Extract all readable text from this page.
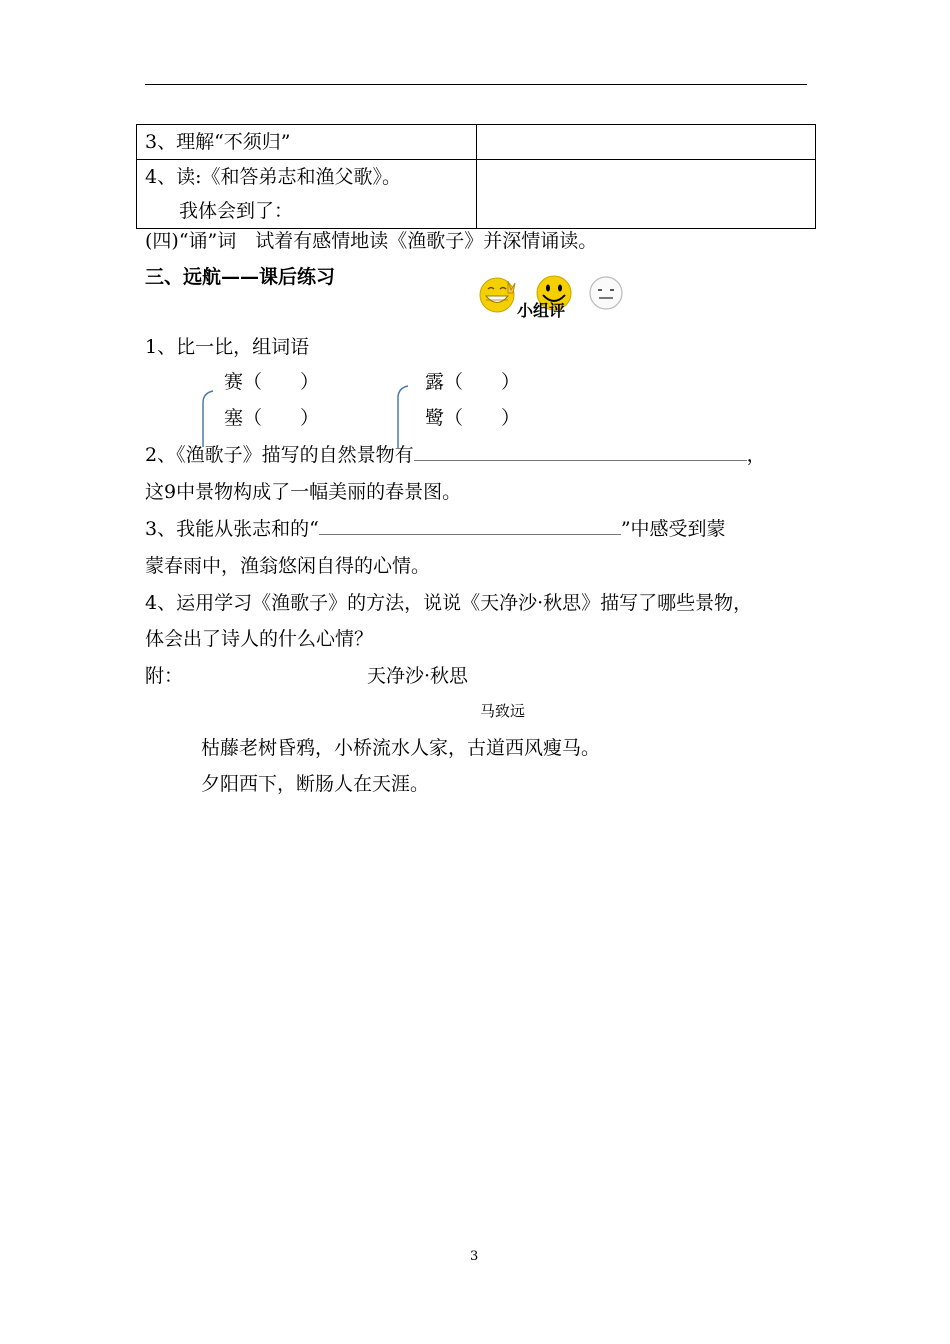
3、理解“不须归”	

4、读:《和答弟志和渔父歌》。
我体会到了：	

(四)“诵”词　试着有感情地读《渔歌子》并深情诵读。
三、远航——课后练习
小组评
1、比一比，组词语
赛（　　）
塞（　　）
露（　　）
鹭（　　）
2、《渔歌子》描写的自然景物有	，
这9中景物构成了一幅美丽的春景图。
3、我能从张志和的“	”中感受到蒙
蒙春雨中，渔翁悠闲自得的心情。
4、运用学习《渔歌子》的方法，说说《天净沙·秋思》描写了哪些景物，
体会出了诗人的什么心情？
附：	天净沙·秋思
马致远
枯藤老树昏鸦，小桥流水人家，古道西风瘦马。
夕阳西下，断肠人在天涯。
3
